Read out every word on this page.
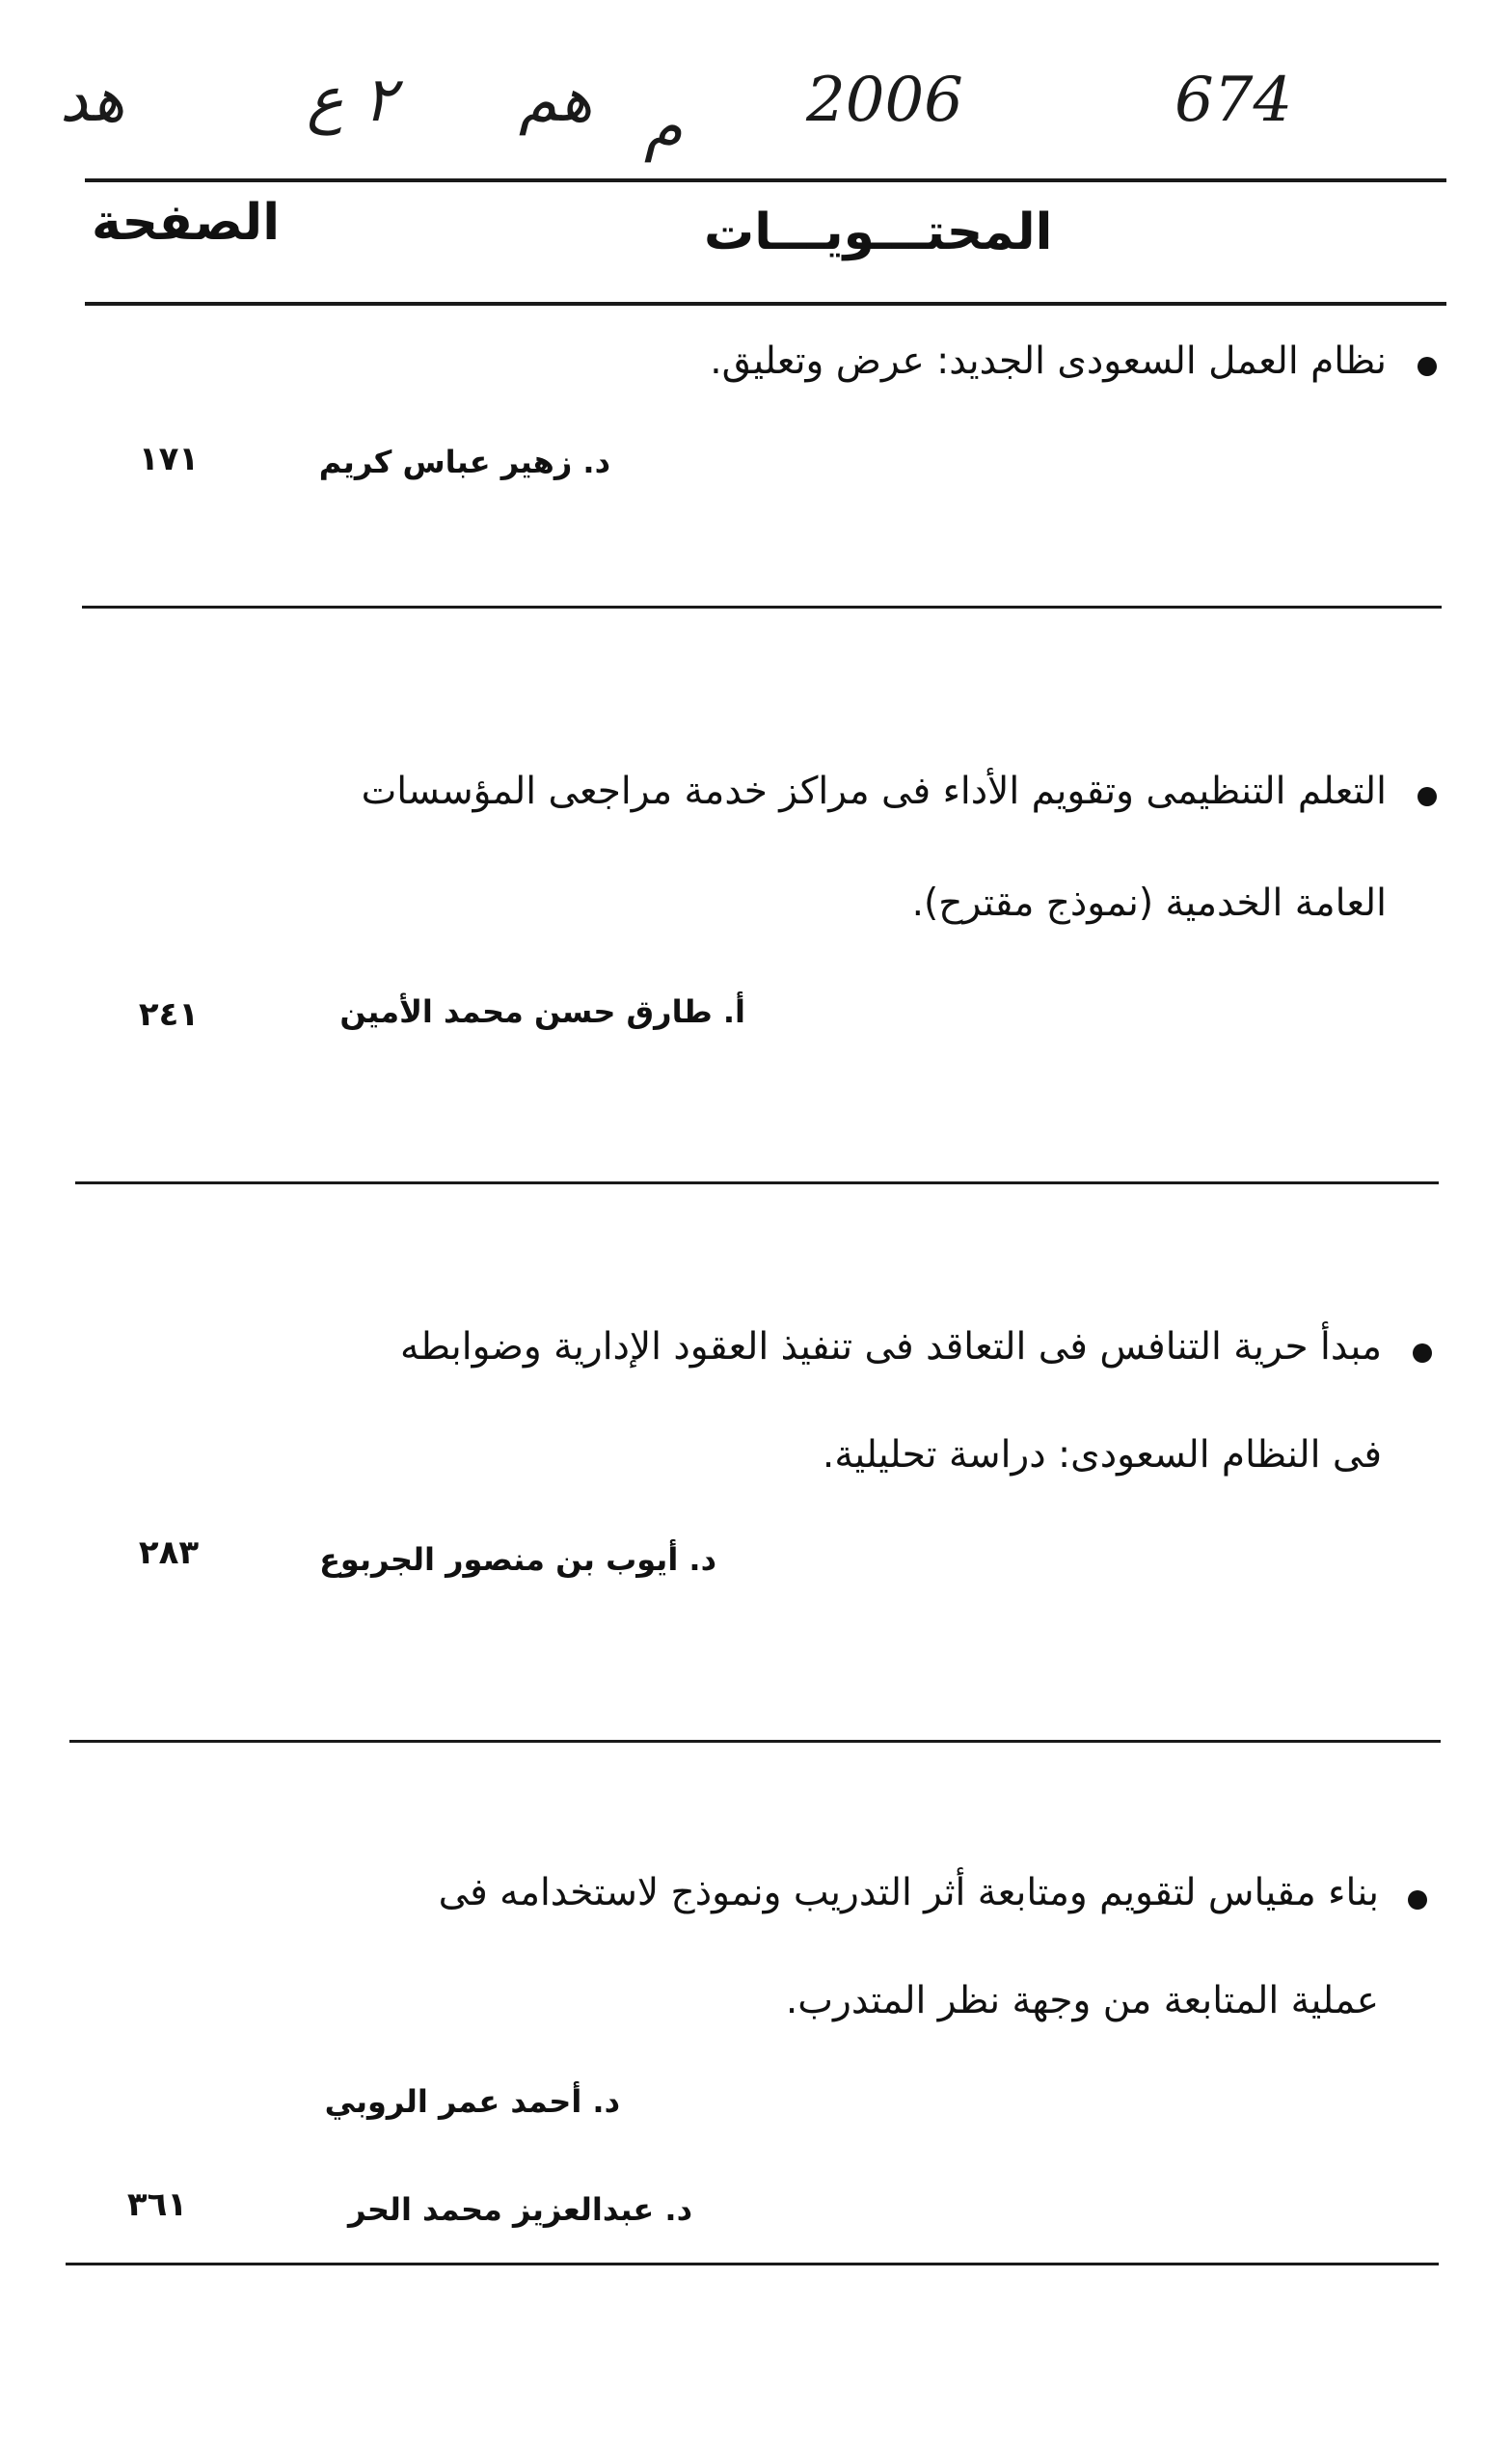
ﻫﺪ	٢ ﻉ ﻫﻢ ﻡ 2006	674
المحتـــويـــات
الصفحة
نظام العمل السعودى الجديد: عرض وتعليق.
د. زهير عباس كريم
١٧١
التعلم التنظيمى وتقويم الأداء فى مراكز خدمة مراجعى المؤسسات
العامة الخدمية (نموذج مقترح).
أ. طارق حسن محمد الأمين
٢٤١
مبدأ حرية التنافس فى التعاقد فى تنفيذ العقود الإدارية وضوابطه
فى النظام السعودى: دراسة تحليلية.
د. أيوب بن منصور الجربوع
٢٨٣
بناء مقياس لتقويم ومتابعة أثر التدريب ونموذج لاستخدامه فى
عملية المتابعة من وجهة نظر المتدرب.
د. أحمد عمر الروبي
د. عبدالعزيز محمد الحر
٣٦١
